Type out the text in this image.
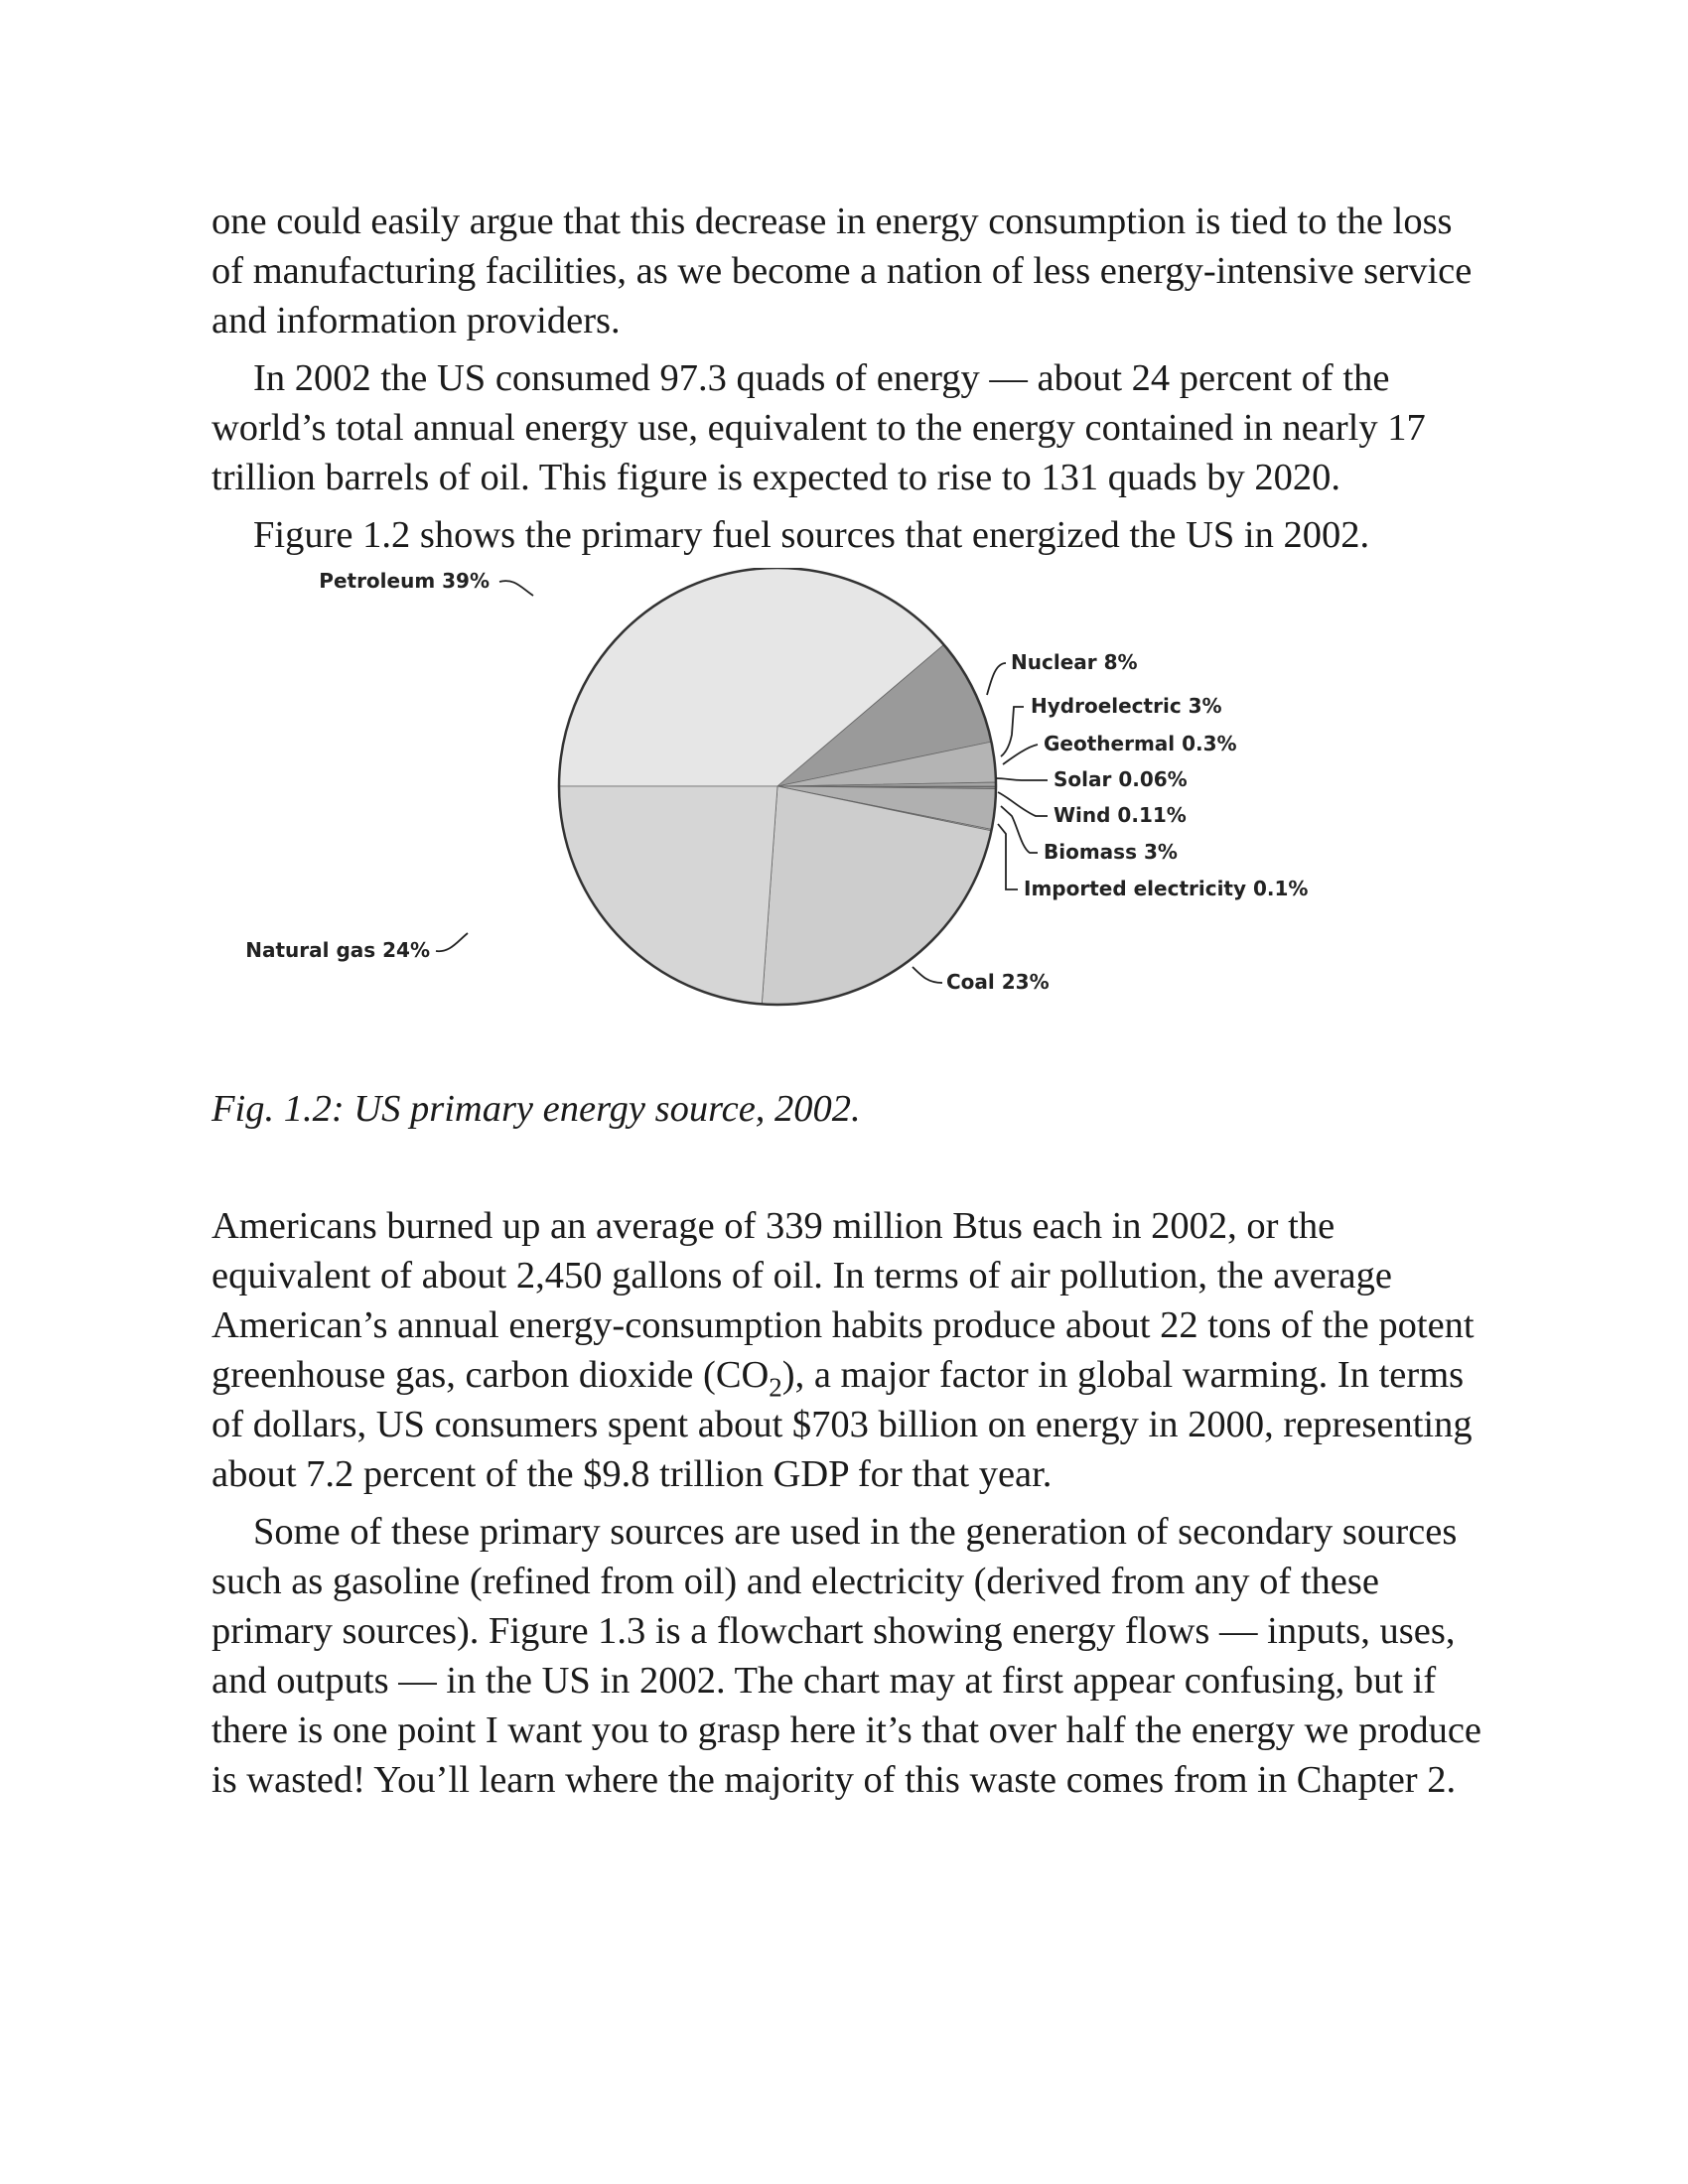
one could easily argue that this decrease in energy consumption is tied to the loss of manufacturing facilities, as we become a nation of less energy-intensive service and information providers.

In 2002 the US consumed 97.3 quads of energy — about 24 percent of the world’s total annual energy use, equivalent to the energy contained in nearly 17 trillion barrels of oil. This figure is expected to rise to 131 quads by 2020.

Figure 1.2 shows the primary fuel sources that energized the US in 2002.

Petroleum 39%
Nuclear 8%
Hydroelectric 3%
Geothermal 0.3%
Solar 0.06%
Wind 0.11%
Biomass 3%
Imported electricity 0.1%
Coal 23%
Natural gas 24%

Fig. 1.2: US primary energy source, 2002.

Americans burned up an average of 339 million Btus each in 2002, or the equivalent of about 2,450 gallons of oil. In terms of air pollution, the average American’s annual energy-consumption habits produce about 22 tons of the potent greenhouse gas, carbon dioxide $(CO_2)$, a major factor in global warming. In terms of dollars, US consumers spent about $703 billion on energy in 2000, representing about 7.2 percent of the $9.8 trillion GDP for that year.

Some of these primary sources are used in the generation of secondary sources such as gasoline (refined from oil) and electricity (derived from any of these primary sources). Figure 1.3 is a flowchart showing energy flows — inputs, uses, and outputs — in the US in 2002. The chart may at first appear confusing, but if there is one point I want you to grasp here it’s that over half the energy we produce is wasted! You’ll learn where the majority of this waste comes from in Chapter 2.
